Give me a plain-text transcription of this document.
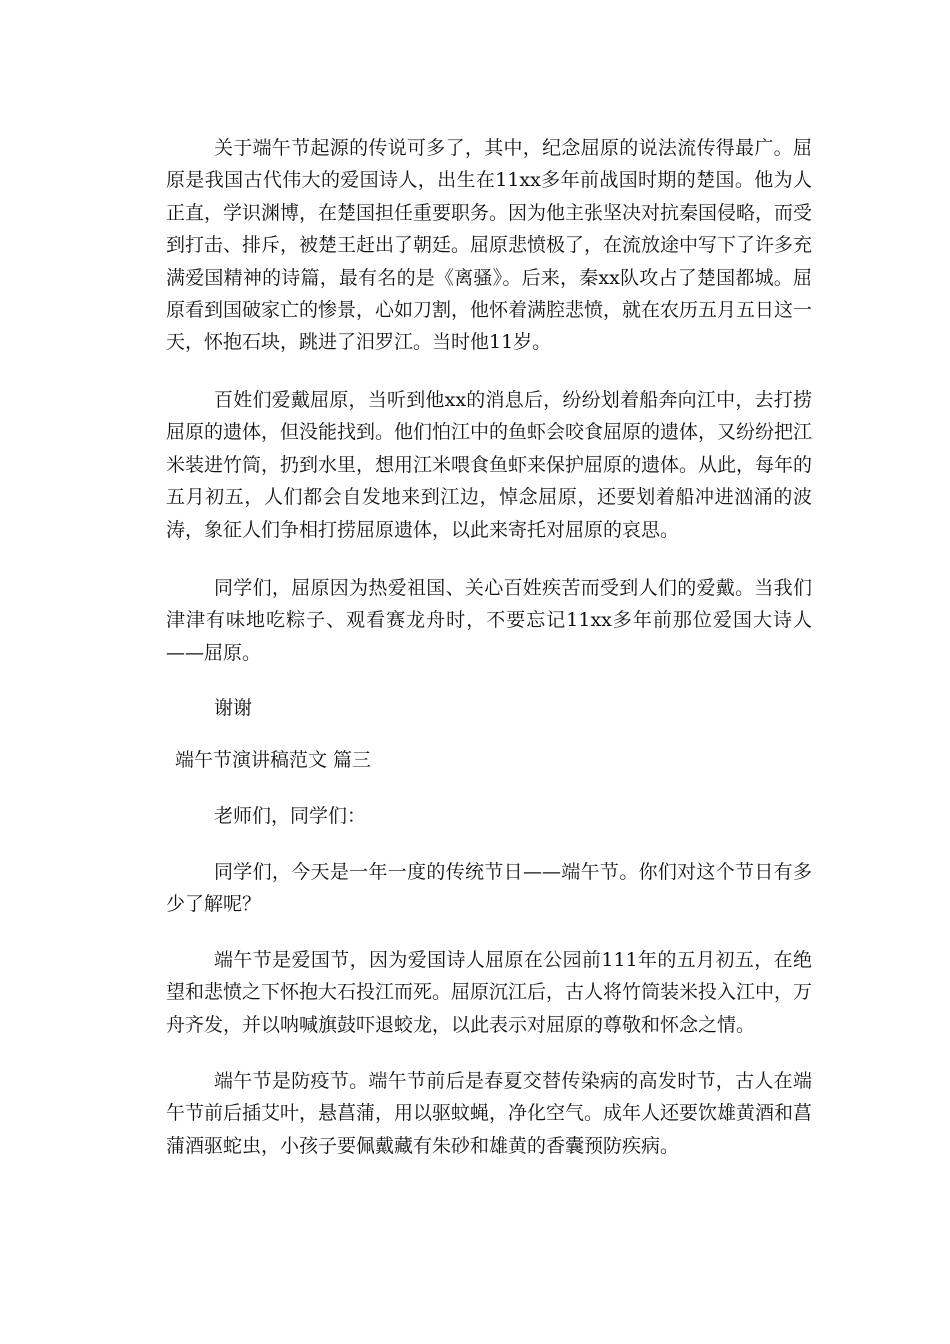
关于端午节起源的传说可多了，其中，纪念屈原的说法流传得最广。屈原是我国古代伟大的爱国诗人，出生在11xx多年前战国时期的楚国。他为人正直，学识渊博，在楚国担任重要职务。因为他主张坚决对抗秦国侵略，而受到打击、排斥，被楚王赶出了朝廷。屈原悲愤极了，在流放途中写下了许多充满爱国精神的诗篇，最有名的是《离骚》。后来，秦xx队攻占了楚国都城。屈原看到国破家亡的惨景，心如刀割，他怀着满腔悲愤，就在农历五月五日这一天，怀抱石块，跳进了汨罗江。当时他11岁。

百姓们爱戴屈原，当听到他xx的消息后，纷纷划着船奔向江中，去打捞屈原的遗体，但没能找到。他们怕江中的鱼虾会咬食屈原的遗体，又纷纷把江米装进竹筒，扔到水里，想用江米喂食鱼虾来保护屈原的遗体。从此，每年的五月初五，人们都会自发地来到江边，悼念屈原，还要划着船冲进汹涌的波涛，象征人们争相打捞屈原遗体，以此来寄托对屈原的哀思。

同学们，屈原因为热爱祖国、关心百姓疾苦而受到人们的爱戴。当我们津津有味地吃粽子、观看赛龙舟时，不要忘记11xx多年前那位爱国大诗人——屈原。

谢谢

端午节演讲稿范文 篇三

老师们，同学们：

同学们，今天是一年一度的传统节日——端午节。你们对这个节日有多少了解呢？

端午节是爱国节，因为爱国诗人屈原在公园前111年的五月初五，在绝望和悲愤之下怀抱大石投江而死。屈原沉江后，古人将竹筒装米投入江中，万舟齐发，并以呐喊旗鼓吓退蛟龙，以此表示对屈原的尊敬和怀念之情。

端午节是防疫节。端午节前后是春夏交替传染病的高发时节，古人在端午节前后插艾叶，悬菖蒲，用以驱蚊蝇，净化空气。成年人还要饮雄黄酒和菖蒲酒驱蛇虫，小孩子要佩戴藏有朱砂和雄黄的香囊预防疾病。
